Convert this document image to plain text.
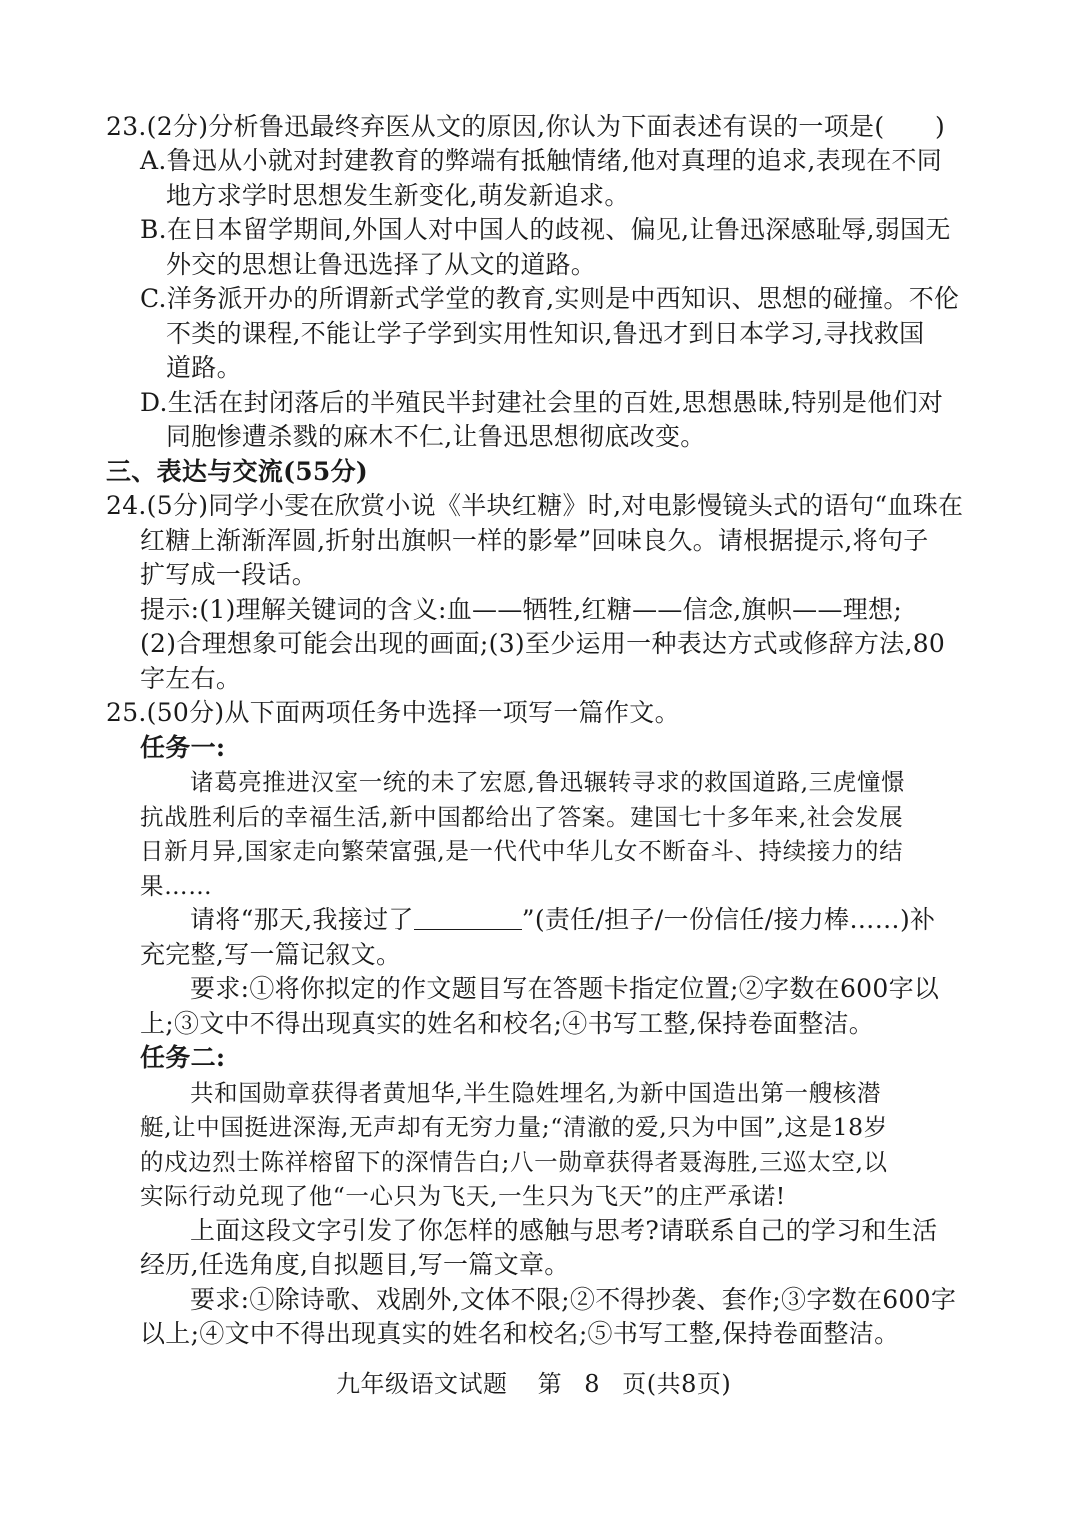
23.(2分)分析鲁迅最终弃医从文的原因,你认为下面表述有误的一项是(　　)

A.鲁迅从小就对封建教育的弊端有抵触情绪,他对真理的追求,表现在不同

地方求学时思想发生新变化,萌发新追求。

B.在日本留学期间,外国人对中国人的歧视、偏见,让鲁迅深感耻辱,弱国无

外交的思想让鲁迅选择了从文的道路。

C.洋务派开办的所谓新式学堂的教育,实则是中西知识、思想的碰撞。不伦

不类的课程,不能让学子学到实用性知识,鲁迅才到日本学习,寻找救国

道路。

D.生活在封闭落后的半殖民半封建社会里的百姓,思想愚昧,特别是他们对

同胞惨遭杀戮的麻木不仁,让鲁迅思想彻底改变。

三、表达与交流(55分)

24.(5分)同学小雯在欣赏小说《半块红糖》时,对电影慢镜头式的语句“血珠在

红糖上渐渐浑圆,折射出旗帜一样的影晕”回味良久。请根据提示,将句子

扩写成一段话。

提示:(1)理解关键词的含义:血——牺牲,红糖——信念,旗帜——理想;

(2)合理想象可能会出现的画面;(3)至少运用一种表达方式或修辞方法,80

字左右。

25.(50分)从下面两项任务中选择一项写一篇作文。

任务一:

诸葛亮推进汉室一统的未了宏愿,鲁迅辗转寻求的救国道路,三虎憧憬

抗战胜利后的幸福生活,新中国都给出了答案。建国七十多年来,社会发展

日新月异,国家走向繁荣富强,是一代代中华儿女不断奋斗、持续接力的结

果……

请将“那天,我接过了	”(责任/担子/一份信任/接力棒……)补

充完整,写一篇记叙文。

要求:①将你拟定的作文题目写在答题卡指定位置;②字数在600字以

上;③文中不得出现真实的姓名和校名;④书写工整,保持卷面整洁。

任务二:

共和国勋章获得者黄旭华,半生隐姓埋名,为新中国造出第一艘核潜

艇,让中国挺进深海,无声却有无穷力量;“清澈的爱,只为中国”,这是18岁

的戍边烈士陈祥榕留下的深情告白;八一勋章获得者聂海胜,三巡太空,以

实际行动兑现了他“一心只为飞天,一生只为飞天”的庄严承诺!

上面这段文字引发了你怎样的感触与思考?请联系自己的学习和生活

经历,任选角度,自拟题目,写一篇文章。

要求:①除诗歌、戏剧外,文体不限;②不得抄袭、套作;③字数在600字

以上;④文中不得出现真实的姓名和校名;⑤书写工整,保持卷面整洁。

九年级语文试题 第 8 页(共8页)
